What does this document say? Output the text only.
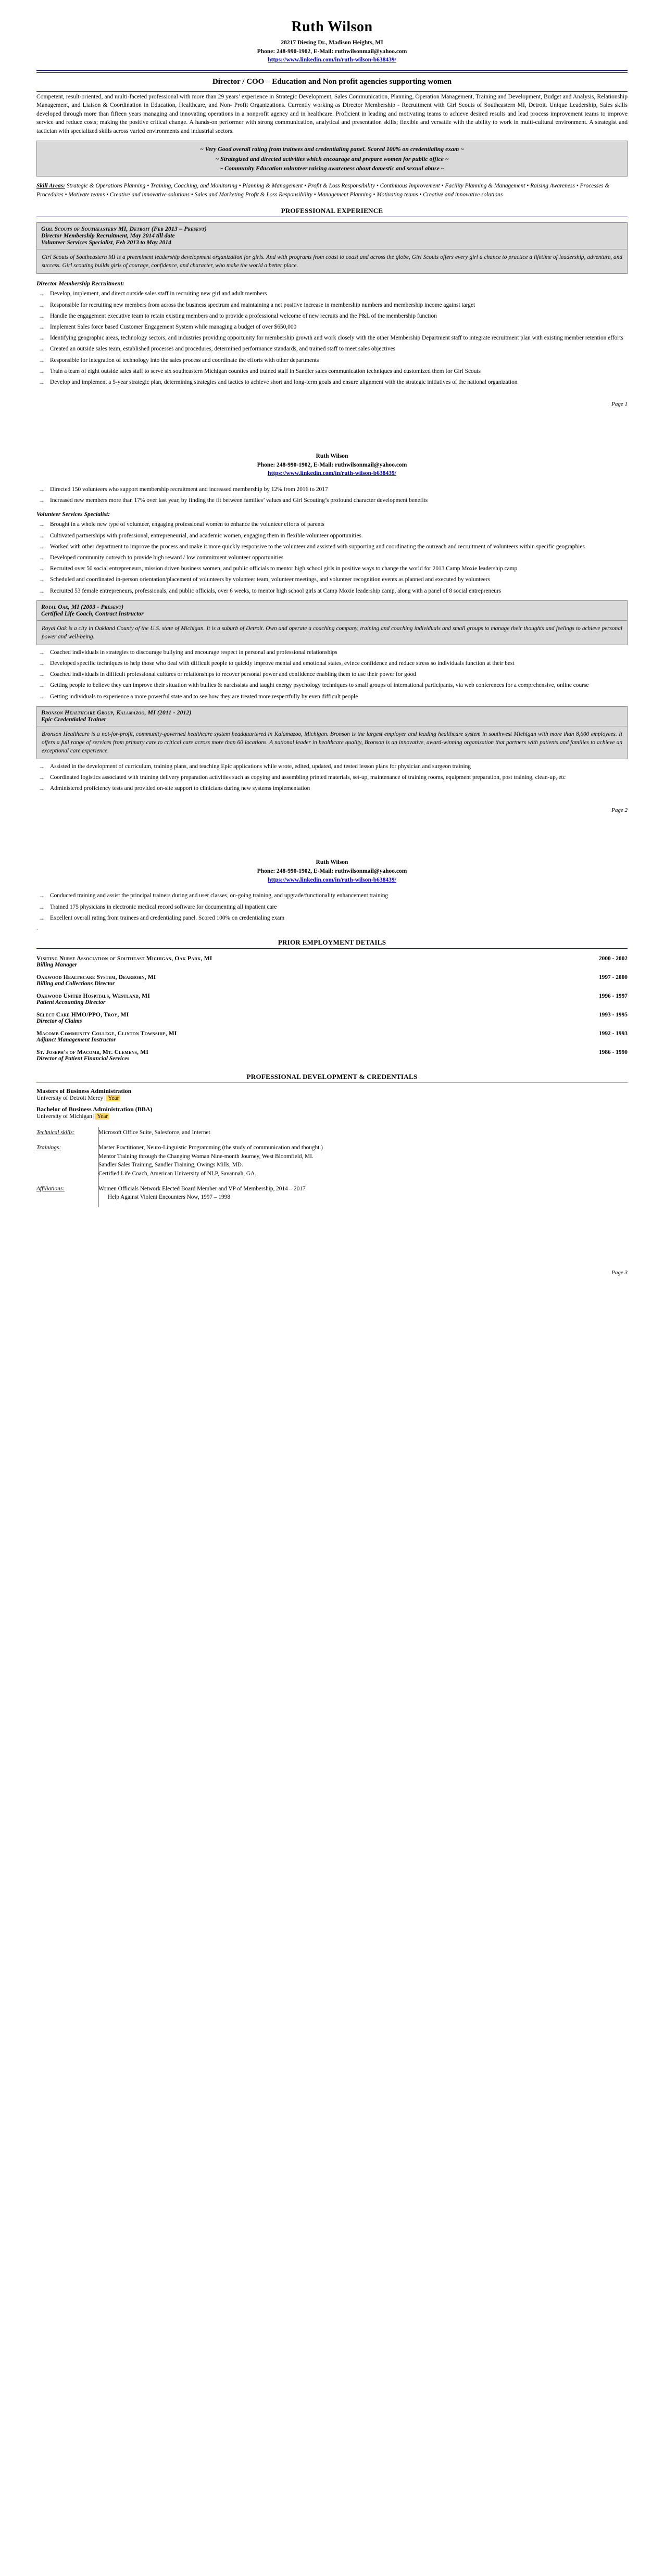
Ruth Wilson
28217 Diesing Dr., Madison Heights, MI
Phone: 248-990-1902, E-Mail: ruthwilsonmail@yahoo.com
https://www.linkedin.com/in/ruth-wilson-b638439/
Director / COO – Education and Non profit agencies supporting women
Competent, result-oriented, and multi-faceted professional with more than 29 years’ experience in Strategic Development, Sales Communication, Planning, Operation Management, Training and Development, Budget and Analysis, Relationship Management, and Liaison & Coordination in Education, Healthcare, and Non- Profit Organizations. Currently working as Director Membership - Recruitment with Girl Scouts of Southeastern MI, Detroit. Unique Leadership, Sales skills developed through more than fifteen years managing and innovating operations in a nonprofit agency and in healthcare. Proficient in leading and motivating teams to achieve desired results and lead process improvement teams to improve service and reduce costs; making the positive critical change. A hands-on performer with strong communication, analytical and presentation skills; flexible and versatile with the ability to work in multi-cultural environment. A strategist and tactician with specialized skills across varied environments and industrial sectors.
~ Very Good overall rating from trainees and credentialing panel. Scored 100% on credentialing exam ~
~ Strategized and directed activities which encourage and prepare women for public office ~
~ Community Education volunteer raising awareness about domestic and sexual abuse ~
Skill Areas: Strategic & Operations Planning • Training, Coaching, and Monitoring • Planning & Management • Profit & Loss Responsibility • Continuous Improvement • Facility Planning & Management • Raising Awareness • Processes & Procedures • Motivate teams • Creative and innovative solutions • Sales and Marketing Profit & Loss Responsibility • Management Planning • Motivating teams • Creative and innovative solutions
PROFESSIONAL EXPERIENCE
Girl Scouts of Southeastern MI, Detroit (Feb 2013 – Present)
Director Membership Recruitment, May 2014 till date
Volunteer Services Specialist, Feb 2013 to May 2014
Girl Scouts of Southeastern MI is a preeminent leadership development organization for girls. And with programs from coast to coast and across the globe, Girl Scouts offers every girl a chance to practice a lifetime of leadership, adventure, and success. Girl scouting builds girls of courage, confidence, and character, who make the world a better place.
Director Membership Recruitment:
→ Develop, implement, and direct outside sales staff in recruiting new girl and adult members
→ Responsible for recruiting new members from across the business spectrum and maintaining a net positive increase in membership numbers and membership income against target
→ Handle the engagement executive team to retain existing members and to provide a professional welcome of new recruits and the P&L of the membership function
→ Implement Sales force based Customer Engagement System while managing a budget of over $650,000
→ Identifying geographic areas, technology sectors, and industries providing opportunity for membership growth and work closely with the other Membership Department staff to integrate recruitment plan with existing member retention efforts
→ Created an outside sales team, established processes and procedures, determined performance standards, and trained staff to meet sales objectives
→ Responsible for integration of technology into the sales process and coordinate the efforts with other departments
→ Train a team of eight outside sales staff to serve six southeastern Michigan counties and trained staff in Sandler sales communication techniques and customized them for Girl Scouts
→ Develop and implement a 5-year strategic plan, determining strategies and tactics to achieve short and long-term goals and ensure alignment with the strategic initiatives of the national organization
Page 1
Ruth Wilson
Phone: 248-990-1902, E-Mail: ruthwilsonmail@yahoo.com
https://www.linkedin.com/in/ruth-wilson-b638439/
→ Directed 150 volunteers who support membership recruitment and increased membership by 12% from 2016 to 2017
→ Increased new members more than 17% over last year, by finding the fit between families’ values and Girl Scouting’s profound character development benefits
Volunteer Services Specialist:
→ Brought in a whole new type of volunteer, engaging professional women to enhance the volunteer efforts of parents
→ Cultivated partnerships with professional, entrepreneurial, and academic women, engaging them in flexible volunteer opportunities.
→ Worked with other department to improve the process and make it more quickly responsive to the volunteer and assisted with supporting and coordinating the outreach and recruitment of volunteers within specific geographies
→ Developed community outreach to provide high reward / low commitment volunteer opportunities
→ Recruited over 50 social entrepreneurs, mission driven business women, and public officials to mentor high school girls in positive ways to change the world for 2013 Camp Moxie leadership camp
→ Scheduled and coordinated in-person orientation/placement of volunteers by volunteer team, volunteer meetings, and volunteer recognition events as planned and executed by volunteers
→ Recruited 53 female entrepreneurs, professionals, and public officials, over 6 weeks, to mentor high school girls at Camp Moxie leadership camp, along with a panel of 8 social entrepreneurs
Royal Oak, MI (2003 - Present)
Certified Life Coach, Contract Instructor
Royal Oak is a city in Oakland County of the U.S. state of Michigan. It is a suburb of Detroit. Own and operate a coaching company, training and coaching individuals and small groups to manage their thoughts and feelings to achieve personal power and well-being.
→ Coached individuals in strategies to discourage bullying and encourage respect in personal and professional relationships
→ Developed specific techniques to help those who deal with difficult people to quickly improve mental and emotional states, evince confidence and reduce stress so individuals function at their best
→ Coached individuals in difficult professional cultures or relationships to recover personal power and confidence enabling them to use their power for good
→ Getting people to believe they can improve their situation with bullies & narcissists and taught energy psychology techniques to small groups of international participants, via web conferences for a comprehensive, online course
→ Getting individuals to experience a more powerful state and to see how they are treated more respectfully by even difficult people
Bronson Healthcare Group, Kalamazoo, MI (2011 - 2012)
Epic Credentialed Trainer
Bronson Healthcare is a not-for-profit, community-governed healthcare system headquartered in Kalamazoo, Michigan. Bronson is the largest employer and leading healthcare system in southwest Michigan with more than 8,600 employees. It offers a full range of services from primary care to critical care across more than 60 locations. A national leader in healthcare quality, Bronson is an innovative, award-winning organization that partners with patients and families to achieve an exceptional care experience.
→ Assisted in the development of curriculum, training plans, and teaching Epic applications while wrote, edited, updated, and tested lesson plans for physician and surgeon training
→ Coordinated logistics associated with training delivery preparation activities such as copying and assembling printed materials, set-up, maintenance of training rooms, equipment preparation, post training, clean-up, etc
→ Administered proficiency tests and provided on-site support to clinicians during new systems implementation
Page 2
Ruth Wilson
Phone: 248-990-1902, E-Mail: ruthwilsonmail@yahoo.com
https://www.linkedin.com/in/ruth-wilson-b638439/
→ Conducted training and assist the principal trainers during and user classes, on-going training, and upgrade/functionality enhancement training
→ Trained 175 physicians in electronic medical record software for documenting all inpatient care
→ Excellent overall rating from trainees and credentialing panel. Scored 100% on credentialing exam
.
PRIOR EMPLOYMENT DETAILS
Visiting Nurse Association of Southeast Michigan, Oak Park, MI
Billing Manager	2000 - 2002

Oakwood Healthcare System, Dearborn, MI
Billing and Collections Director	1997 - 2000

Oakwood United Hospitals, Westland, MI
Patient Accounting Director	1996 - 1997

Select Care HMO/PPO, Troy, MI
Director of Claims	1993 - 1995

Macomb Community College, Clinton Township, MI
Adjunct Management Instructor	1992 - 1993

St. Joseph's of Macomb, Mt. Clemens, MI
Director of Patient Financial Services	1986 - 1990
PROFESSIONAL DEVELOPMENT & CREDENTIALS
Masters of Business Administration
University of Detroit Mercy | Year
Bachelor of Business Administration (BBA)
University of Michigan | Year
Technical skills:	Microsoft Office Suite, Salesforce, and Internet
Trainings:	Master Practitioner, Neuro-Linguistic Programming (the study of communication and thought.)
Mentor Training through the Changing Woman Nine-month Journey, West Bloomfield, MI.
Sandler Sales Training, Sandler Training, Owings Mills, MD.
Certified Life Coach, American University of NLP, Savannah, GA.

Affiliations:	Women Officials Network Elected Board Member and VP of Membership, 2014 – 2017
Help Against Violent Encounters Now, 1997 – 1998
Page 3
